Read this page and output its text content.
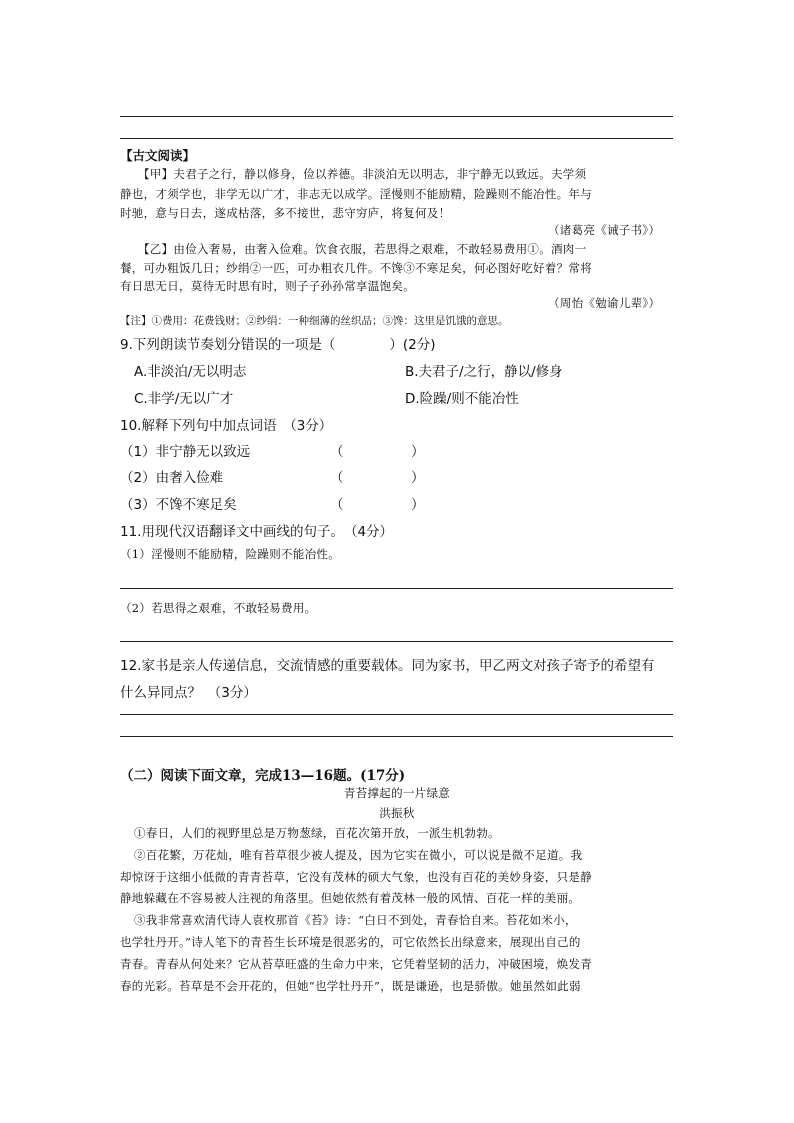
【古文阅读】
【甲】夫君子之行，静以修身，俭以养德。非淡泊无以明志，非宁静无以致远。夫学须
静也，才须学也，非学无以广才，非志无以成学。淫慢则不能励精，险躁则不能冶性。年与
时驰，意与日去，遂成枯落，多不接世，悲守穷庐，将复何及！
（诸葛亮《诫子书》）
【乙】由俭入奢易，由奢入俭难。饮食衣服，若思得之艰难，不敢轻易费用①。酒肉一
餐，可办粗饭几日；纱绢②一匹，可办粗衣几件。不馋③不寒足矣，何必图好吃好着？常将
有日思无日，莫待无时思有时，则子子孙孙常享温饱矣。
（周怡《勉谕儿辈》）
【注】①费用：花费钱财；②纱绢：一种细薄的丝织品；③馋：这里是饥饿的意思。
9.下列朗读节奏划分错误的一项是（　　　　）(2分)
A.非淡泊/无以明志	B.夫君子/之行，静以/修身
C.非学/无以广才	D.险躁/则不能冶性
10.解释下列句中加点词语　（3分）
（1）非宁静无以致远	（　　　　　）
（2）由奢入俭难	（　　　　　）
（3）不馋不寒足矣	（　　　　　）
11.用现代汉语翻译文中画线的句子。　（4分）
（1）淫慢则不能励精，险躁则不能冶性。
（2）若思得之艰难，不敢轻易费用。
12.家书是亲人传递信息，交流情感的重要载体。同为家书，甲乙两文对孩子寄予的希望有
什么异同点？　（3分）
（二）阅读下面文章，完成13—16题。(17分)
青苔撑起的一片绿意
洪振秋
①春日，人们的视野里总是万物葱绿，百花次第开放，一派生机勃勃。
②百花繁，万花灿，唯有苔草很少被人提及，因为它实在微小，可以说是微不足道。我
却惊讶于这细小低微的青青苔草，它没有茂林的硕大气象，也没有百花的美妙身姿，只是静
静地躲藏在不容易被人注视的角落里。但她依然有着茂林一般的风情、百花一样的美丽。
③我非常喜欢清代诗人袁枚那首《苔》诗：“白日不到处，青春恰自来。苔花如米小，
也学牡丹开。”诗人笔下的青苔生长环境是很恶劣的，可它依然长出绿意来，展现出自己的
青春。青春从何处来？它从苔草旺盛的生命力中来，它凭着坚韧的活力，冲破困境，焕发青
春的光彩。苔草是不会开花的，但她“也学牡丹开”，既是谦逊，也是骄傲。她虽然如此弱
